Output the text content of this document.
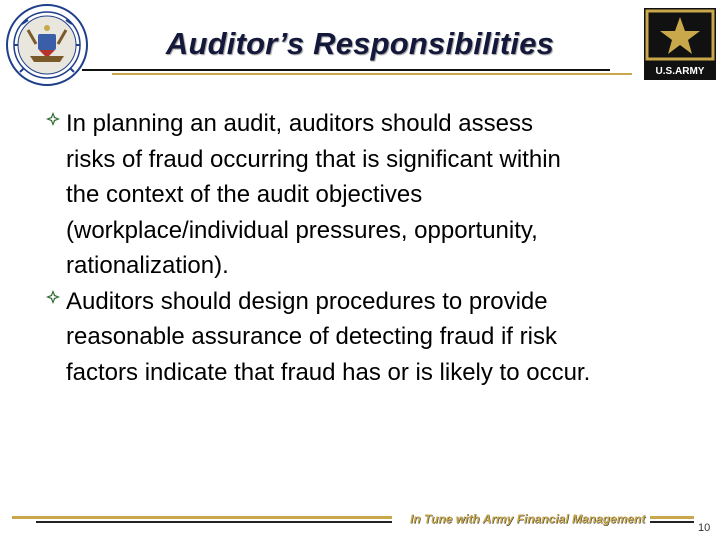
Auditor’s Responsibilities
U.S.ARMY
In planning an audit, auditors should assess
risks of fraud occurring that is significant within
the context of the audit objectives
(workplace/individual pressures, opportunity,
rationalization).
Auditors should design procedures to provide
reasonable assurance of detecting fraud if risk
factors indicate that fraud has or is likely to occur.
In Tune with Army Financial Management
10
